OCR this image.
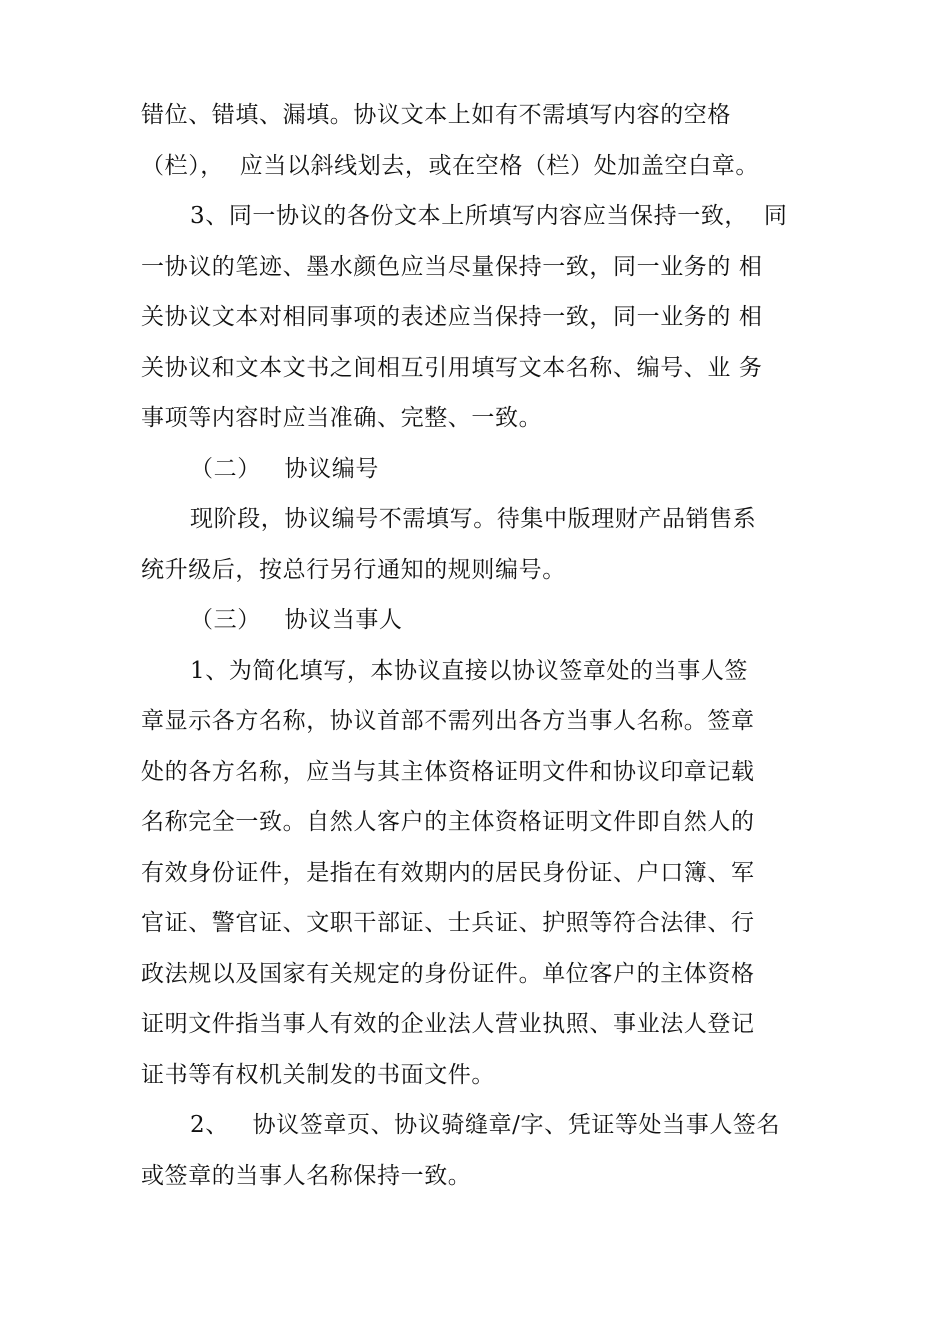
错位、错填、漏填。协议文本上如有不需填写内容的空格
（栏），  应当以斜线划去，或在空格（栏）处加盖空白章。
3、同一协议的各份文本上所填写内容应当保持一致，  同
一协议的笔迹、墨水颜色应当尽量保持一致，同一业务的 相
关协议文本对相同事项的表述应当保持一致，同一业务的 相
关协议和文本文书之间相互引用填写文本名称、编号、业 务
事项等内容时应当准确、完整、一致。
（二）   协议编号
现阶段，协议编号不需填写。待集中版理财产品销售系
统升级后，按总行另行通知的规则编号。
（三）   协议当事人
1、为简化填写，本协议直接以协议签章处的当事人签
章显示各方名称，协议首部不需列出各方当事人名称。签章
处的各方名称，应当与其主体资格证明文件和协议印章记载
名称完全一致。自然人客户的主体资格证明文件即自然人的
有效身份证件，是指在有效期内的居民身份证、户口簿、军
官证、警官证、文职干部证、士兵证、护照等符合法律、行
政法规以及国家有关规定的身份证件。单位客户的主体资格
证明文件指当事人有效的企业法人营业执照、事业法人登记
证书等有权机关制发的书面文件。
2、   协议签章页、协议骑缝章/字、凭证等处当事人签名
或签章的当事人名称保持一致。
